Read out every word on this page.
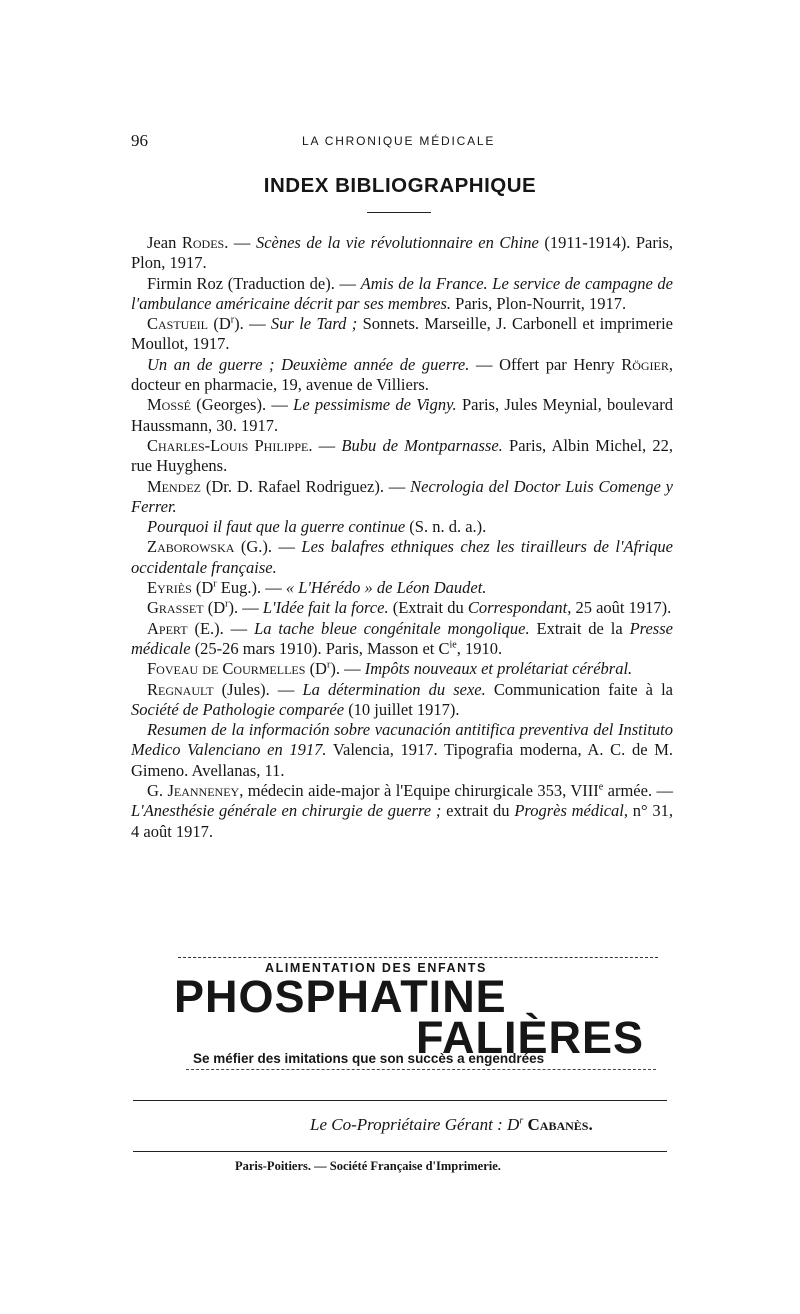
96	LA CHRONIQUE MÉDICALE
INDEX BIBLIOGRAPHIQUE

Jean Rodes. — Scènes de la vie révolutionnaire en Chine (1911-1914). Paris, Plon, 1917.

Firmin Roz (Traduction de). — Amis de la France. Le service de campagne de l'ambulance américaine décrit par ses membres. Paris, Plon-Nourrit, 1917.

Castueil $(D^r)$. — Sur le Tard ; Sonnets. Marseille, J. Carbonell et imprimerie Moullot, 1917.

Un an de guerre ; Deuxième année de guerre. — Offert par Henry Rögier, docteur en pharmacie, 19, avenue de Villiers.

Mossé (Georges). — Le pessimisme de Vigny. Paris, Jules Meynial, boulevard Haussmann, 30. 1917.

Charles-Louis Philippe. — Bubu de Montparnasse. Paris, Albin Michel, 22, rue Huyghens.

Mendez (Dr. D. Rafael Rodriguez). — Necrologia del Doctor Luis Comenge y Ferrer.

Pourquoi il faut que la guerre continue (S. n. d. a.).

Zaborowska (G.). — Les balafres ethniques chez les tirailleurs de l'Afrique occidentale française.

Eyriès ($D^r$ Eug.). — « L'Hérédo » de Léon Daudet.

Grasset $(D^r)$. — L'Idée fait la force. (Extrait du Correspondant, 25 août 1917).

Apert (E.). — La tache bleue congénitale mongolique. Extrait de la Presse médicale (25-26 mars 1910). Paris, Masson et $C^{ie}$, 1910.

Foveau de Courmelles $(D^r)$. — Impôts nouveaux et prolétariat cérébral.

Regnault (Jules). — La détermination du sexe. Communication faite à la Société de Pathologie comparée (10 juillet 1917).

Resumen de la información sobre vacunación antitifica preventiva del Instituto Medico Valenciano en 1917. Valencia, 1917. Tipografia moderna, A. C. de M. Gimeno. Avellanas, 11.

G. Jeanneney, médecin aide-major à l'Equipe chirurgicale 353, VIIIe armée. — L'Anesthésie générale en chirurgie de guerre ; extrait du Progrès médical, n° 31, 4 août 1917.

ALIMENTATION DES ENFANTS
PHOSPHATINE
FALIÈRES
Se méfier des imitations que son succès a engendrées
Le Co-Propriétaire Gérant : $D^r$ Cabanès.
Paris-Poitiers. — Société Française d'Imprimerie.
